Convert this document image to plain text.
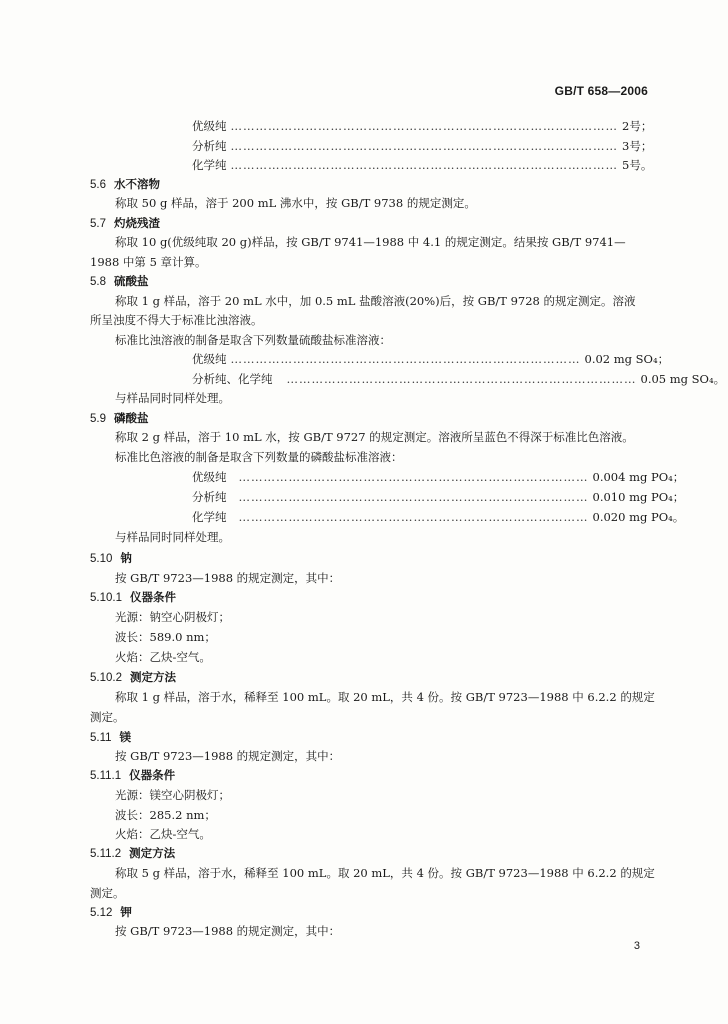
GB/T 658—2006
优级纯 ………………………………………………………………………………… 2号；
分析纯 ………………………………………………………………………………… 3号；
化学纯 ………………………………………………………………………………… 5号。
5.6 水不溶物
称取 50 g 样品，溶于 200 mL 沸水中，按 GB/T 9738 的规定测定。
5.7 灼烧残渣
称取 10 g(优级纯取 20 g)样品，按 GB/T 9741—1988 中 4.1 的规定测定。结果按 GB/T 9741—
1988 中第 5 章计算。
5.8 硫酸盐
称取 1 g 样品，溶于 20 mL 水中，加 0.5 mL 盐酸溶液(20%)后，按 GB/T 9728 的规定测定。溶液
所呈浊度不得大于标准比浊溶液。
标准比浊溶液的制备是取含下列数量硫酸盐标准溶液：
优级纯 ………………………………………………………………………… 0.02 mg SO₄；
分析纯、化学纯 ………………………………………………………………………… 0.05 mg SO₄。
与样品同时同样处理。
5.9 磷酸盐
称取 2 g 样品，溶于 10 mL 水，按 GB/T 9727 的规定测定。溶液所呈蓝色不得深于标准比色溶液。
标准比色溶液的制备是取含下列数量的磷酸盐标准溶液：
优级纯 ………………………………………………………………………… 0.004 mg PO₄；
分析纯 ………………………………………………………………………… 0.010 mg PO₄；
化学纯 ………………………………………………………………………… 0.020 mg PO₄。
与样品同时同样处理。
5.10 钠
按 GB/T 9723—1988 的规定测定，其中：
5.10.1 仪器条件
光源：钠空心阴极灯；
波长：589.0 nm；
火焰：乙炔-空气。
5.10.2 测定方法
称取 1 g 样品，溶于水，稀释至 100 mL。取 20 mL，共 4 份。按 GB/T 9723—1988 中 6.2.2 的规定
测定。
5.11 镁
按 GB/T 9723—1988 的规定测定，其中：
5.11.1 仪器条件
光源：镁空心阴极灯；
波长：285.2 nm；
火焰：乙炔-空气。
5.11.2 测定方法
称取 5 g 样品，溶于水，稀释至 100 mL。取 20 mL，共 4 份。按 GB/T 9723—1988 中 6.2.2 的规定
测定。
5.12 钾
按 GB/T 9723—1988 的规定测定，其中：
3
